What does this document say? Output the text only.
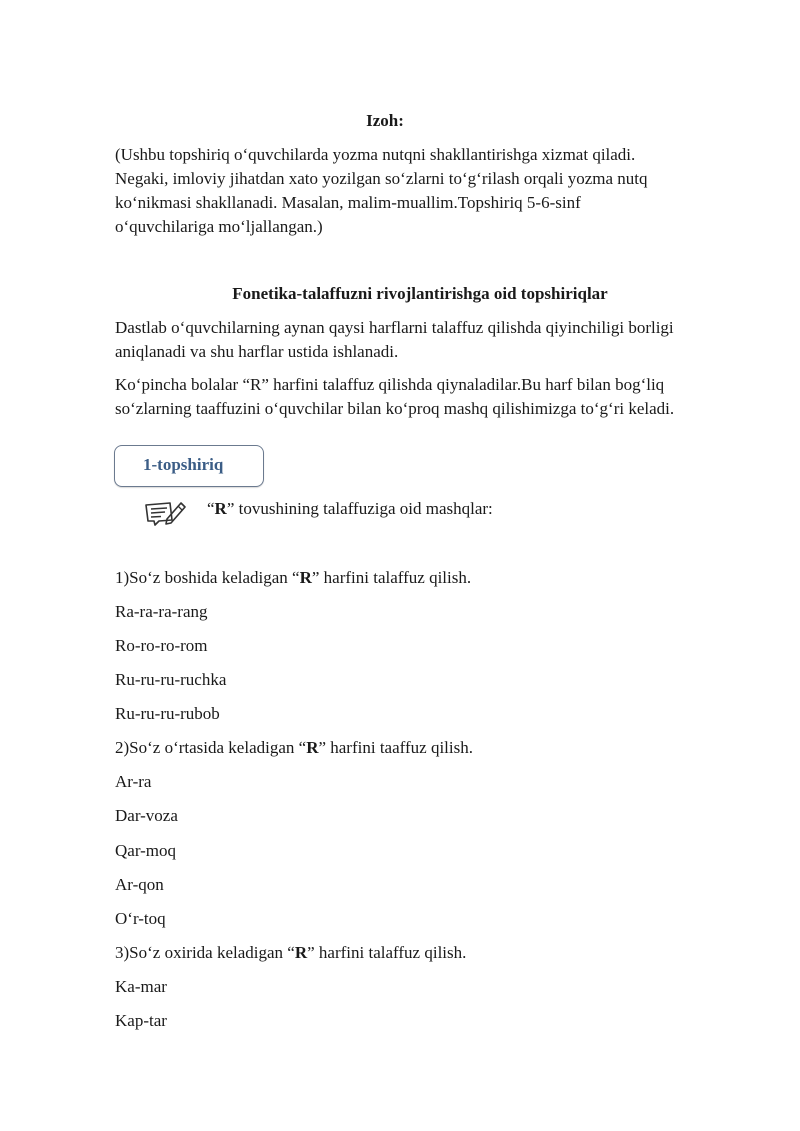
Izoh:

(Ushbu topshiriq o‘quvchilarda yozma nutqni shakllantirishga xizmat qiladi.

Negaki, imloviy jihatdan xato yozilgan so‘zlarni to‘g‘rilash orqali yozma nutq

ko‘nikmasi shakllanadi. Masalan, malim-muallim.Topshiriq 5-6-sinf

o‘quvchilariga mo‘ljallangan.)

Fonetika-talaffuzni rivojlantirishga oid topshiriqlar

Dastlab o‘quvchilarning aynan qaysi harflarni talaffuz qilishda qiyinchiligi borligi

aniqlanadi va shu harflar ustida ishlanadi.

Ko‘pincha bolalar “R” harfini talaffuz qilishda qiynaladilar.Bu harf bilan bog‘liq

so‘zlarning taaffuzini o‘quvchilar bilan ko‘proq mashq qilishimizga to‘g‘ri keladi.

1-topshiriq
“R” tovushining talaffuziga oid mashqlar:
1)So‘z boshida keladigan “R” harfini talaffuz qilish.
Ra-ra-ra-rang
Ro-ro-ro-rom
Ru-ru-ru-ruchka
Ru-ru-ru-rubob
2)So‘z o‘rtasida keladigan “R” harfini taaffuz qilish.
Ar-ra
Dar-voza
Qar-moq
Ar-qon
O‘r-toq
3)So‘z oxirida keladigan “R” harfini talaffuz qilish.
Ka-mar
Kap-tar
